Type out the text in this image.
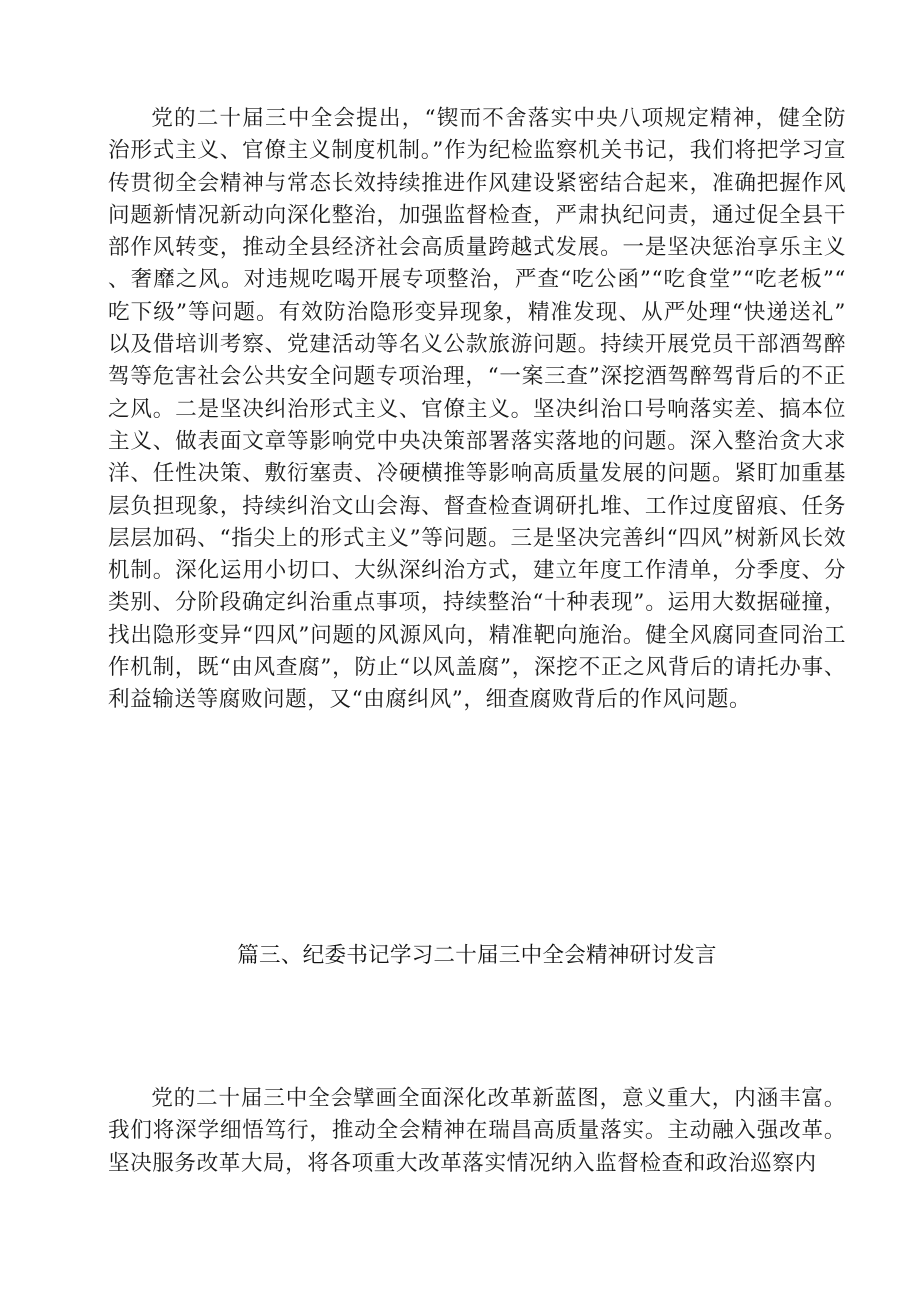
党的二十届三中全会提出，“锲而不舍落实中央八项规定精神，健全防治形式主义、官僚主义制度机制。”作为纪检监察机关书记，我们将把学习宣传贯彻全会精神与常态长效持续推进作风建设紧密结合起来，准确把握作风问题新情况新动向深化整治，加强监督检查，严肃执纪问责，通过促全县干部作风转变，推动全县经济社会高质量跨越式发展。一是坚决惩治享乐主义、奢靡之风。对违规吃喝开展专项整治，严查“吃公函”“吃食堂”“吃老板”“吃下级”等问题。有效防治隐形变异现象，精准发现、从严处理“快递送礼”以及借培训考察、党建活动等名义公款旅游问题。持续开展党员干部酒驾醉驾等危害社会公共安全问题专项治理，“一案三查”深挖酒驾醉驾背后的不正之风。二是坚决纠治形式主义、官僚主义。坚决纠治口号响落实差、搞本位主义、做表面文章等影响党中央决策部署落实落地的问题。深入整治贪大求洋、任性决策、敷衍塞责、冷硬横推等影响高质量发展的问题。紧盯加重基层负担现象，持续纠治文山会海、督查检查调研扎堆、工作过度留痕、任务层层加码、“指尖上的形式主义”等问题。三是坚决完善纠“四风”树新风长效机制。深化运用小切口、大纵深纠治方式，建立年度工作清单，分季度、分类别、分阶段确定纠治重点事项，持续整治“十种表现”。运用大数据碰撞，找出隐形变异“四风”问题的风源风向，精准靶向施治。健全风腐同查同治工作机制，既“由风查腐”，防止“以风盖腐”，深挖不正之风背后的请托办事、利益输送等腐败问题，又“由腐纠风”，细查腐败背后的作风问题。

篇三、纪委书记学习二十届三中全会精神研讨发言

党的二十届三中全会擘画全面深化改革新蓝图，意义重大，内涵丰富。我们将深学细悟笃行，推动全会精神在瑞昌高质量落实。主动融入强改革。坚决服务改革大局，将各项重大改革落实情况纳入监督检查和政治巡察内
